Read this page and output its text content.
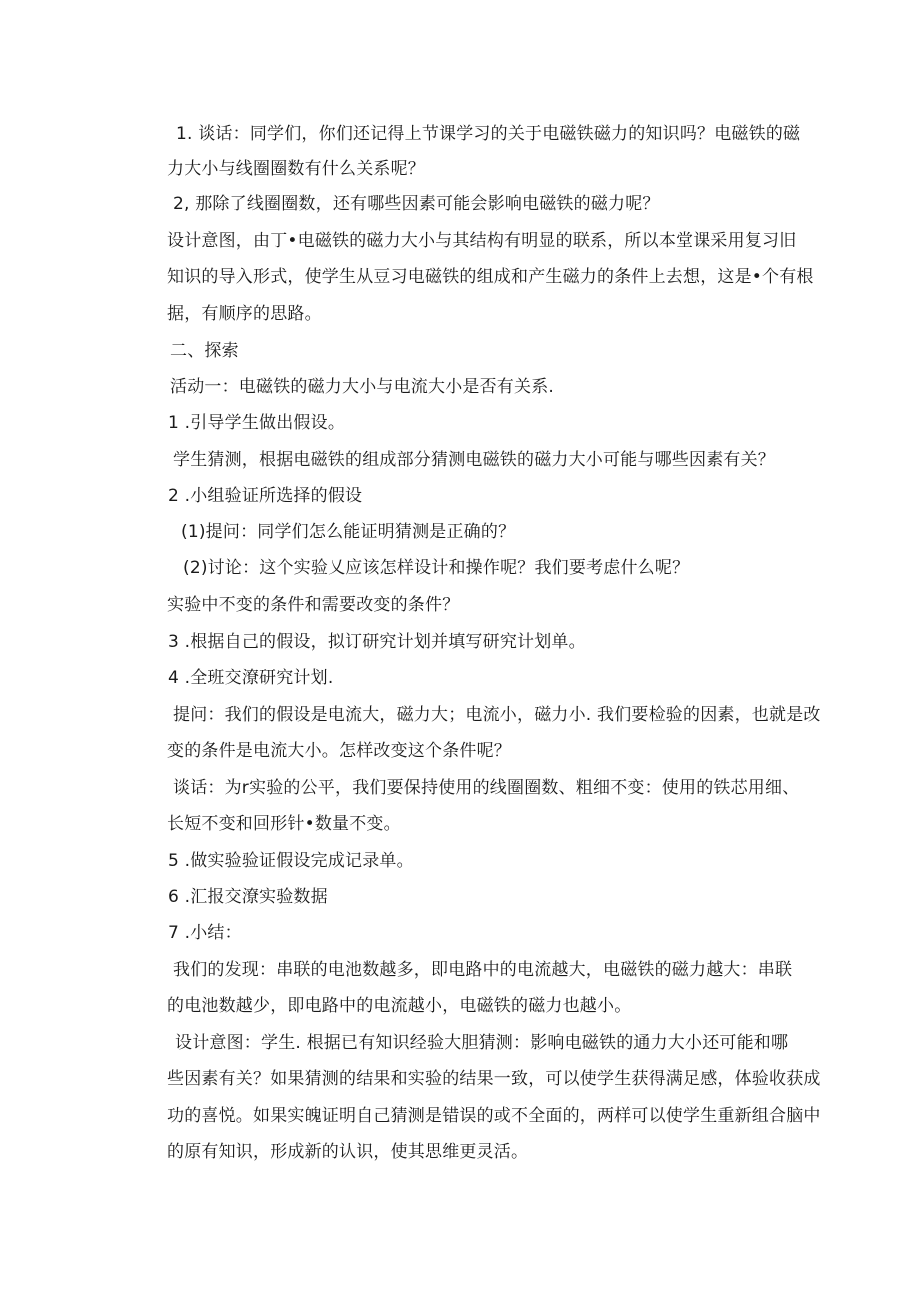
1. 谈话：同学们，你们还记得上节课学习的关于电磁铁磁力的知识吗？电磁铁的磁
力大小与线圈圈数有什么关系呢？
2, 那除了线圈圈数，还有哪些因素可能会影响电磁铁的磁力呢？
设计意图，由丁•电磁铁的磁力大小与其结构有明显的联系，所以本堂课采用复习旧
知识的导入形式，使学生从豆习电磁铁的组成和产生磁力的条件上去想，这是•个有根
据，有顺序的思路。
二、探索
活动一：电磁铁的磁力大小与电流大小是否有关系.
1 .引导学生做出假设。
学生猜测，根据电磁铁的组成部分猜测电磁铁的磁力大小可能与哪些因素有关？
2 .小组验证所选择的假设
(1)提问：同学们怎么能证明猜测是正确的？
(2)讨论：这个实验乂应该怎样设计和操作呢？我们要考虑什么呢？
实验中不变的条件和需要改变的条件？
3 .根据自己的假设，拟订研究计划并填写研究计划单。
4 .全班交潦研究计划.
提问：我们的假设是电流大，磁力大；电流小，磁力小. 我们要检验的因素，也就是改
变的条件是电流大小。怎样改变这个条件呢？
谈话：为r实验的公平，我们要保持使用的线圈圈数、粗细不变：使用的铁芯用细、
长短不变和回形针•数量不变。
5 .做实验验证假设完成记录单。
6 .汇报交潦实验数据
7 .小结：
我们的发现：串联的电池数越多，即电路中的电流越大，电磁铁的磁力越大：串联
的电池数越少，即电路中的电流越小，电磁铁的磁力也越小。
设计意图：学生. 根据已有知识经验大胆猜测：影响电磁铁的通力大小还可能和哪
些因素有关？如果猜测的结果和实验的结果一致，可以使学生获得满足感，体验收获成
功的喜悦。如果实魄证明自己猜测是错误的或不全面的，两样可以使学生重新组合脑中
的原有知识，形成新的认识，使其思维更灵活。
